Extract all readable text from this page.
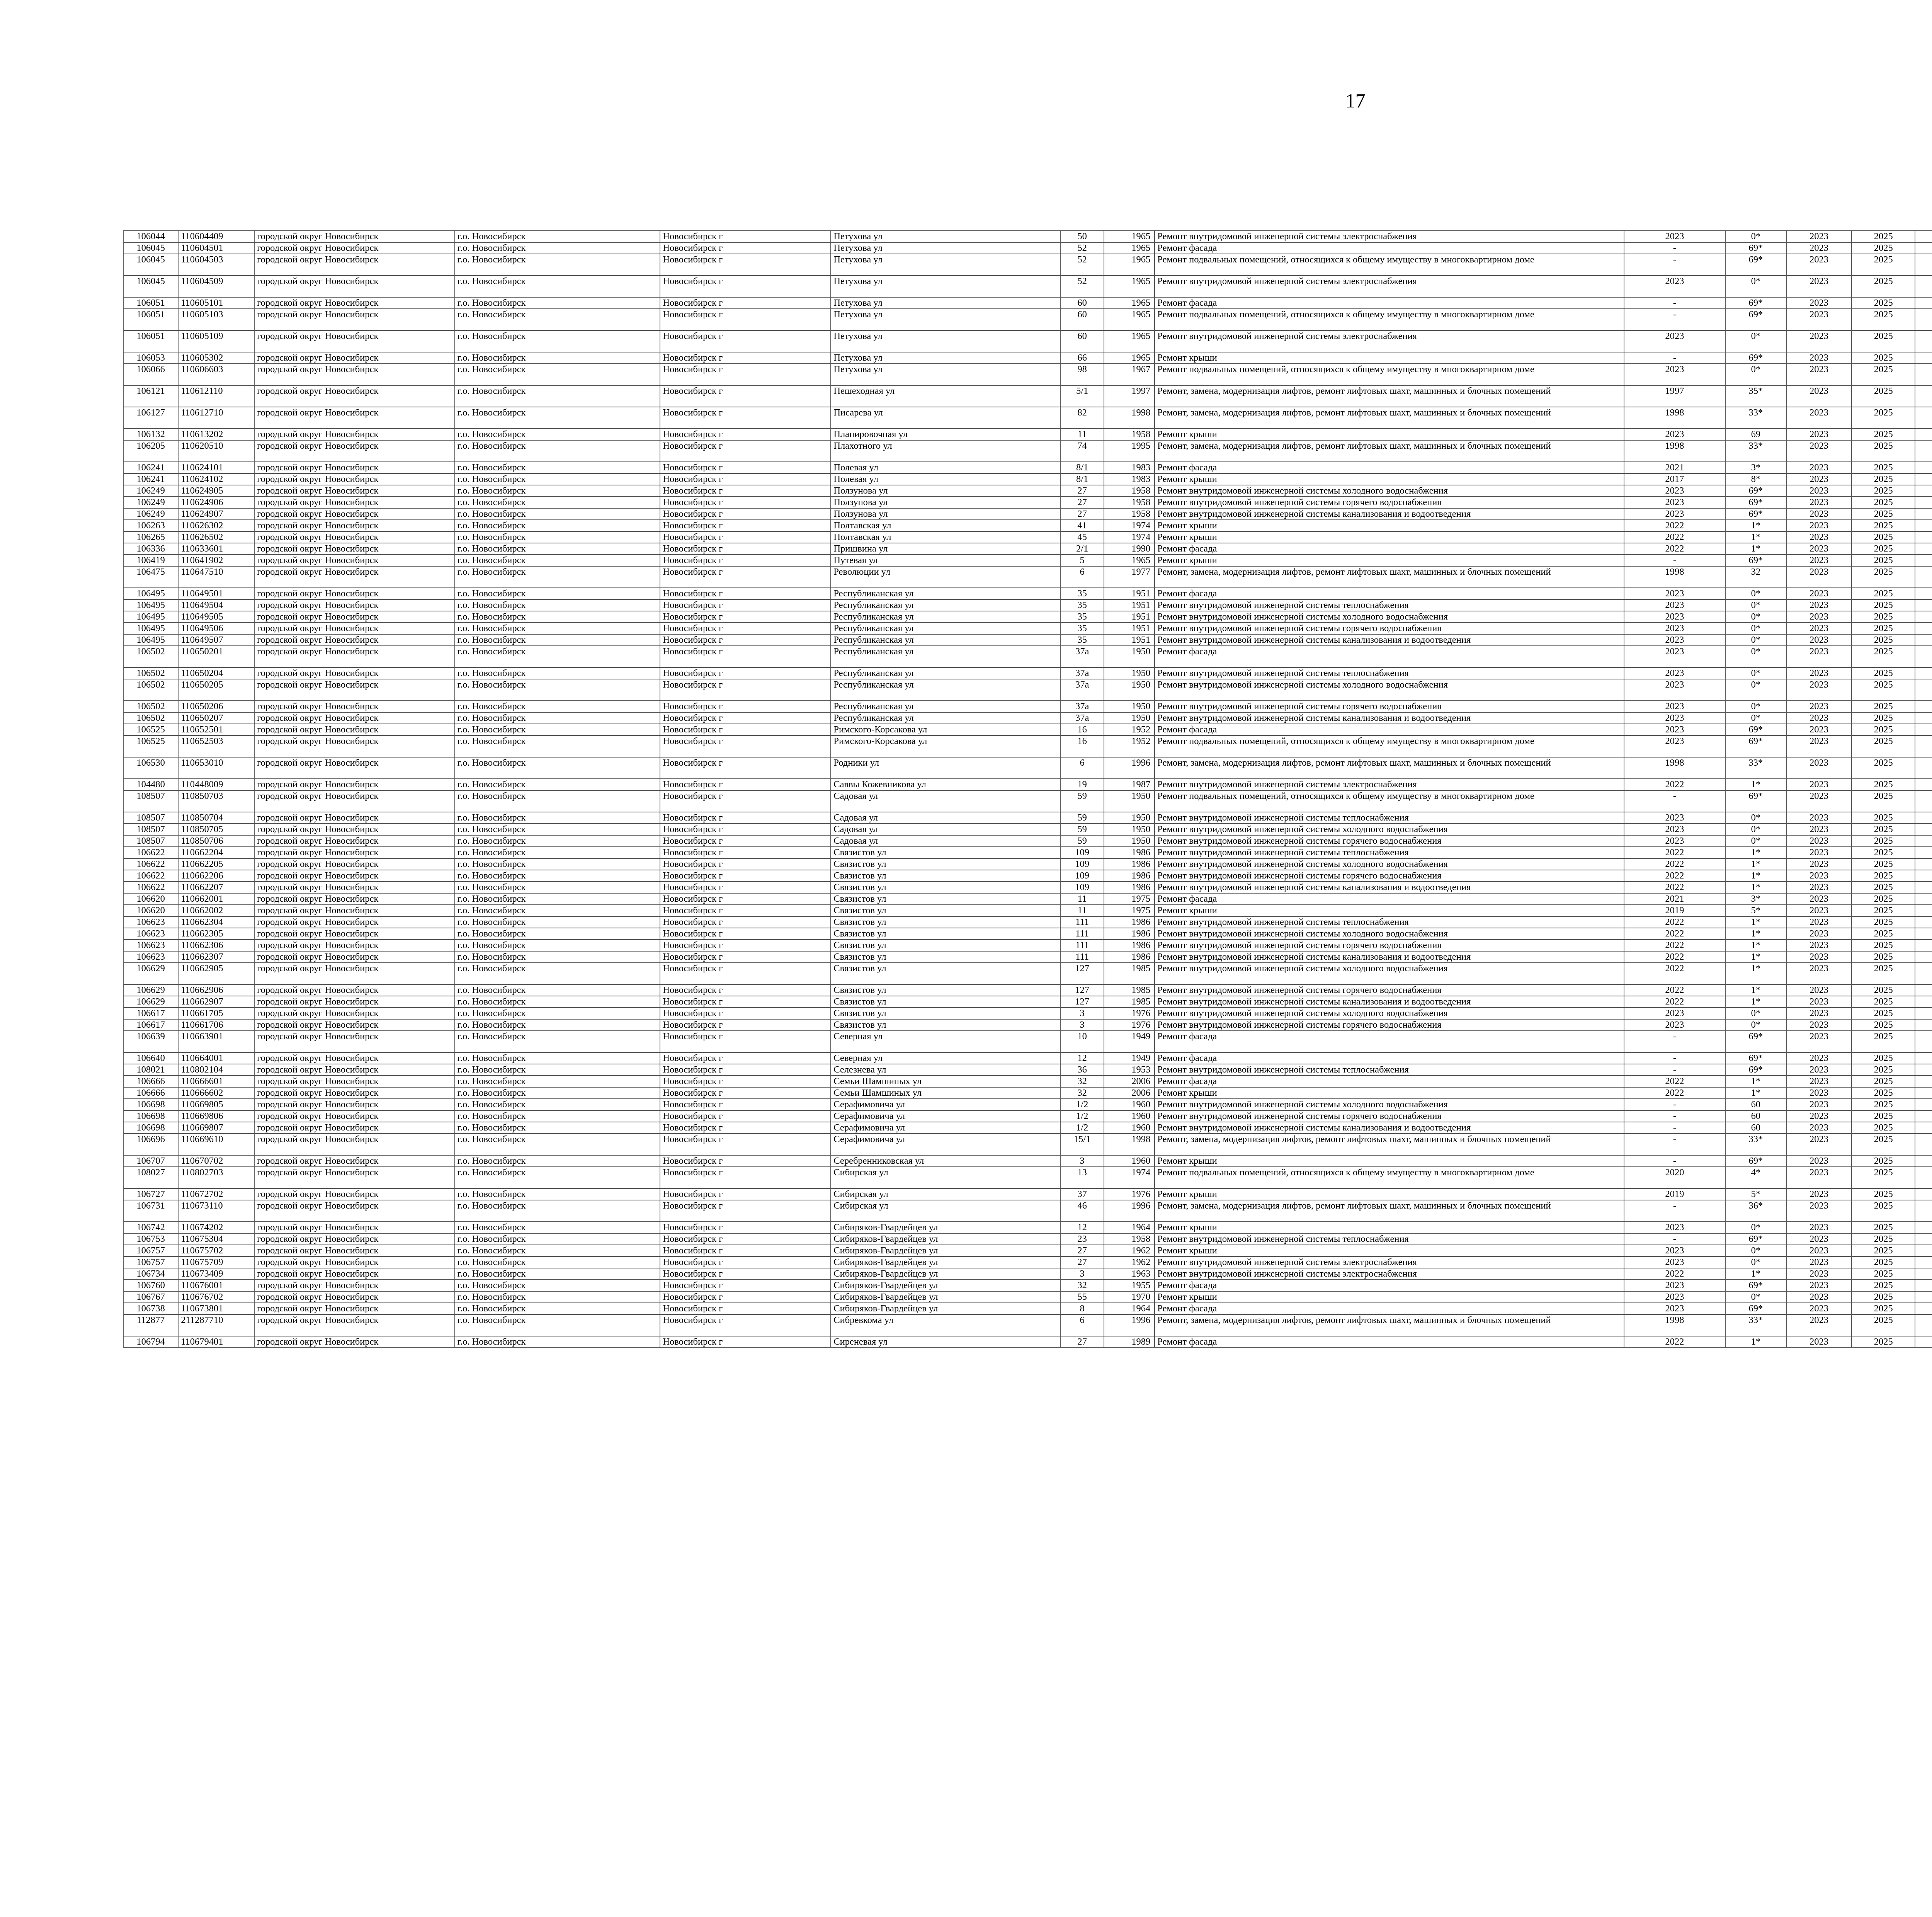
17
106044	110604409	городской округ Новосибирск	г.о. Новосибирск	Новосибирск г	Петухова ул	50	1965	Ремонт внутридомовой инженерной системы электроснабжения	2023	0*	2023	2025							
106045	110604501	городской округ Новосибирск	г.о. Новосибирск	Новосибирск г	Петухова ул	52	1965	Ремонт фасада	-	69*	2023	2025							
106045	110604503	городской округ Новосибирск	г.о. Новосибирск	Новосибирск г	Петухова ул	52	1965	Ремонт подвальных помещений, относящихся к общему имуществу в многоквартирном доме	-	69*	2023	2025							
106045	110604509	городской округ Новосибирск	г.о. Новосибирск	Новосибирск г	Петухова ул	52	1965	Ремонт внутридомовой инженерной системы электроснабжения	2023	0*	2023	2025							
106051	110605101	городской округ Новосибирск	г.о. Новосибирск	Новосибирск г	Петухова ул	60	1965	Ремонт фасада	-	69*	2023	2025							
106051	110605103	городской округ Новосибирск	г.о. Новосибирск	Новосибирск г	Петухова ул	60	1965	Ремонт подвальных помещений, относящихся к общему имуществу в многоквартирном доме	-	69*	2023	2025							
106051	110605109	городской округ Новосибирск	г.о. Новосибирск	Новосибирск г	Петухова ул	60	1965	Ремонт внутридомовой инженерной системы электроснабжения	2023	0*	2023	2025							
106053	110605302	городской округ Новосибирск	г.о. Новосибирск	Новосибирск г	Петухова ул	66	1965	Ремонт крыши	-	69*	2023	2025							
106066	110606603	городской округ Новосибирск	г.о. Новосибирск	Новосибирск г	Петухова ул	98	1967	Ремонт подвальных помещений, относящихся к общему имуществу в многоквартирном доме	2023	0*	2023	2025							
106121	110612110	городской округ Новосибирск	г.о. Новосибирск	Новосибирск г	Пешеходная ул	5/1	1997	Ремонт, замена, модернизация лифтов, ремонт лифтовых шахт, машинных и блочных помещений	1997	35*	2023	2025							
106127	110612710	городской округ Новосибирск	г.о. Новосибирск	Новосибирск г	Писарева ул	82	1998	Ремонт, замена, модернизация лифтов, ремонт лифтовых шахт, машинных и блочных помещений	1998	33*	2023	2025							
106132	110613202	городской округ Новосибирск	г.о. Новосибирск	Новосибирск г	Планировочная ул	11	1958	Ремонт крыши	2023	69	2023	2025							
106205	110620510	городской округ Новосибирск	г.о. Новосибирск	Новосибирск г	Плахотного ул	74	1995	Ремонт, замена, модернизация лифтов, ремонт лифтовых шахт, машинных и блочных помещений	1998	33*	2023	2025							
106241	110624101	городской округ Новосибирск	г.о. Новосибирск	Новосибирск г	Полевая ул	8/1	1983	Ремонт фасада	2021	3*	2023	2025							
106241	110624102	городской округ Новосибирск	г.о. Новосибирск	Новосибирск г	Полевая ул	8/1	1983	Ремонт крыши	2017	8*	2023	2025							
106249	110624905	городской округ Новосибирск	г.о. Новосибирск	Новосибирск г	Ползунова ул	27	1958	Ремонт внутридомовой инженерной системы холодного водоснабжения	2023	69*	2023	2025							
106249	110624906	городской округ Новосибирск	г.о. Новосибирск	Новосибирск г	Ползунова ул	27	1958	Ремонт внутридомовой инженерной системы горячего водоснабжения	2023	69*	2023	2025							
106249	110624907	городской округ Новосибирск	г.о. Новосибирск	Новосибирск г	Ползунова ул	27	1958	Ремонт внутридомовой инженерной системы канализования и водоотведения	2023	69*	2023	2025							
106263	110626302	городской округ Новосибирск	г.о. Новосибирск	Новосибирск г	Полтавская ул	41	1974	Ремонт крыши	2022	1*	2023	2025							
106265	110626502	городской округ Новосибирск	г.о. Новосибирск	Новосибирск г	Полтавская ул	45	1974	Ремонт крыши	2022	1*	2023	2025							
106336	110633601	городской округ Новосибирск	г.о. Новосибирск	Новосибирск г	Пришвина ул	2/1	1990	Ремонт фасада	2022	1*	2023	2025							
106419	110641902	городской округ Новосибирск	г.о. Новосибирск	Новосибирск г	Путевая ул	5	1965	Ремонт крыши	-	69*	2023	2025							
106475	110647510	городской округ Новосибирск	г.о. Новосибирск	Новосибирск г	Революции ул	6	1977	Ремонт, замена, модернизация лифтов, ремонт лифтовых шахт, машинных и блочных помещений	1998	32	2023	2025							
106495	110649501	городской округ Новосибирск	г.о. Новосибирск	Новосибирск г	Республиканская ул	35	1951	Ремонт фасада	2023	0*	2023	2025							
106495	110649504	городской округ Новосибирск	г.о. Новосибирск	Новосибирск г	Республиканская ул	35	1951	Ремонт внутридомовой инженерной системы теплоснабжения	2023	0*	2023	2025							
106495	110649505	городской округ Новосибирск	г.о. Новосибирск	Новосибирск г	Республиканская ул	35	1951	Ремонт внутридомовой инженерной системы холодного водоснабжения	2023	0*	2023	2025							
106495	110649506	городской округ Новосибирск	г.о. Новосибирск	Новосибирск г	Республиканская ул	35	1951	Ремонт внутридомовой инженерной системы горячего водоснабжения	2023	0*	2023	2025							
106495	110649507	городской округ Новосибирск	г.о. Новосибирск	Новосибирск г	Республиканская ул	35	1951	Ремонт внутридомовой инженерной системы канализования и водоотведения	2023	0*	2023	2025							
106502	110650201	городской округ Новосибирск	г.о. Новосибирск	Новосибирск г	Республиканская ул	37а	1950	Ремонт фасада	2023	0*	2023	2025							
106502	110650204	городской округ Новосибирск	г.о. Новосибирск	Новосибирск г	Республиканская ул	37а	1950	Ремонт внутридомовой инженерной системы теплоснабжения	2023	0*	2023	2025							
106502	110650205	городской округ Новосибирск	г.о. Новосибирск	Новосибирск г	Республиканская ул	37а	1950	Ремонт внутридомовой инженерной системы холодного водоснабжения	2023	0*	2023	2025							
106502	110650206	городской округ Новосибирск	г.о. Новосибирск	Новосибирск г	Республиканская ул	37а	1950	Ремонт внутридомовой инженерной системы горячего водоснабжения	2023	0*	2023	2025							
106502	110650207	городской округ Новосибирск	г.о. Новосибирск	Новосибирск г	Республиканская ул	37а	1950	Ремонт внутридомовой инженерной системы канализования и водоотведения	2023	0*	2023	2025							
106525	110652501	городской округ Новосибирск	г.о. Новосибирск	Новосибирск г	Римского-Корсакова ул	16	1952	Ремонт фасада	2023	69*	2023	2025							
106525	110652503	городской округ Новосибирск	г.о. Новосибирск	Новосибирск г	Римского-Корсакова ул	16	1952	Ремонт подвальных помещений, относящихся к общему имуществу в многоквартирном доме	2023	69*	2023	2025							
106530	110653010	городской округ Новосибирск	г.о. Новосибирск	Новосибирск г	Родники ул	6	1996	Ремонт, замена, модернизация лифтов, ремонт лифтовых шахт, машинных и блочных помещений	1998	33*	2023	2025							
104480	110448009	городской округ Новосибирск	г.о. Новосибирск	Новосибирск г	Саввы Кожевникова ул	19	1987	Ремонт внутридомовой инженерной системы электроснабжения	2022	1*	2023	2025							
108507	110850703	городской округ Новосибирск	г.о. Новосибирск	Новосибирск г	Садовая ул	59	1950	Ремонт подвальных помещений, относящихся к общему имуществу в многоквартирном доме	-	69*	2023	2025							
108507	110850704	городской округ Новосибирск	г.о. Новосибирск	Новосибирск г	Садовая ул	59	1950	Ремонт внутридомовой инженерной системы теплоснабжения	2023	0*	2023	2025							
108507	110850705	городской округ Новосибирск	г.о. Новосибирск	Новосибирск г	Садовая ул	59	1950	Ремонт внутридомовой инженерной системы холодного водоснабжения	2023	0*	2023	2025							
108507	110850706	городской округ Новосибирск	г.о. Новосибирск	Новосибирск г	Садовая ул	59	1950	Ремонт внутридомовой инженерной системы горячего водоснабжения	2023	0*	2023	2025							
106622	110662204	городской округ Новосибирск	г.о. Новосибирск	Новосибирск г	Связистов ул	109	1986	Ремонт внутридомовой инженерной системы теплоснабжения	2022	1*	2023	2025							
106622	110662205	городской округ Новосибирск	г.о. Новосибирск	Новосибирск г	Связистов ул	109	1986	Ремонт внутридомовой инженерной системы холодного водоснабжения	2022	1*	2023	2025							
106622	110662206	городской округ Новосибирск	г.о. Новосибирск	Новосибирск г	Связистов ул	109	1986	Ремонт внутридомовой инженерной системы горячего водоснабжения	2022	1*	2023	2025							
106622	110662207	городской округ Новосибирск	г.о. Новосибирск	Новосибирск г	Связистов ул	109	1986	Ремонт внутридомовой инженерной системы канализования и водоотведения	2022	1*	2023	2025							
106620	110662001	городской округ Новосибирск	г.о. Новосибирск	Новосибирск г	Связистов ул	11	1975	Ремонт фасада	2021	3*	2023	2025							
106620	110662002	городской округ Новосибирск	г.о. Новосибирск	Новосибирск г	Связистов ул	11	1975	Ремонт крыши	2019	5*	2023	2025							
106623	110662304	городской округ Новосибирск	г.о. Новосибирск	Новосибирск г	Связистов ул	111	1986	Ремонт внутридомовой инженерной системы теплоснабжения	2022	1*	2023	2025							
106623	110662305	городской округ Новосибирск	г.о. Новосибирск	Новосибирск г	Связистов ул	111	1986	Ремонт внутридомовой инженерной системы холодного водоснабжения	2022	1*	2023	2025							
106623	110662306	городской округ Новосибирск	г.о. Новосибирск	Новосибирск г	Связистов ул	111	1986	Ремонт внутридомовой инженерной системы горячего водоснабжения	2022	1*	2023	2025							
106623	110662307	городской округ Новосибирск	г.о. Новосибирск	Новосибирск г	Связистов ул	111	1986	Ремонт внутридомовой инженерной системы канализования и водоотведения	2022	1*	2023	2025							
106629	110662905	городской округ Новосибирск	г.о. Новосибирск	Новосибирск г	Связистов ул	127	1985	Ремонт внутридомовой инженерной системы холодного водоснабжения	2022	1*	2023	2025							
106629	110662906	городской округ Новосибирск	г.о. Новосибирск	Новосибирск г	Связистов ул	127	1985	Ремонт внутридомовой инженерной системы горячего водоснабжения	2022	1*	2023	2025							
106629	110662907	городской округ Новосибирск	г.о. Новосибирск	Новосибирск г	Связистов ул	127	1985	Ремонт внутридомовой инженерной системы канализования и водоотведения	2022	1*	2023	2025							
106617	110661705	городской округ Новосибирск	г.о. Новосибирск	Новосибирск г	Связистов ул	3	1976	Ремонт внутридомовой инженерной системы холодного водоснабжения	2023	0*	2023	2025							
106617	110661706	городской округ Новосибирск	г.о. Новосибирск	Новосибирск г	Связистов ул	3	1976	Ремонт внутридомовой инженерной системы горячего водоснабжения	2023	0*	2023	2025							
106639	110663901	городской округ Новосибирск	г.о. Новосибирск	Новосибирск г	Северная ул	10	1949	Ремонт фасада	-	69*	2023	2025							
106640	110664001	городской округ Новосибирск	г.о. Новосибирск	Новосибирск г	Северная ул	12	1949	Ремонт фасада	-	69*	2023	2025							
108021	110802104	городской округ Новосибирск	г.о. Новосибирск	Новосибирск г	Селезнева ул	36	1953	Ремонт внутридомовой инженерной системы теплоснабжения	-	69*	2023	2025							
106666	110666601	городской округ Новосибирск	г.о. Новосибирск	Новосибирск г	Семьи Шамшиных ул	32	2006	Ремонт фасада	2022	1*	2023	2025							
106666	110666602	городской округ Новосибирск	г.о. Новосибирск	Новосибирск г	Семьи Шамшиных ул	32	2006	Ремонт крыши	2022	1*	2023	2025							
106698	110669805	городской округ Новосибирск	г.о. Новосибирск	Новосибирск г	Серафимовича ул	1/2	1960	Ремонт внутридомовой инженерной системы холодного водоснабжения	-	60	2023	2025							
106698	110669806	городской округ Новосибирск	г.о. Новосибирск	Новосибирск г	Серафимовича ул	1/2	1960	Ремонт внутридомовой инженерной системы горячего водоснабжения	-	60	2023	2025							
106698	110669807	городской округ Новосибирск	г.о. Новосибирск	Новосибирск г	Серафимовича ул	1/2	1960	Ремонт внутридомовой инженерной системы канализования и водоотведения	-	60	2023	2025							
106696	110669610	городской округ Новосибирск	г.о. Новосибирск	Новосибирск г	Серафимовича ул	15/1	1998	Ремонт, замена, модернизация лифтов, ремонт лифтовых шахт, машинных и блочных помещений	-	33*	2023	2025							
106707	110670702	городской округ Новосибирск	г.о. Новосибирск	Новосибирск г	Серебренниковская ул	3	1960	Ремонт крыши	-	69*	2023	2025							
108027	110802703	городской округ Новосибирск	г.о. Новосибирск	Новосибирск г	Сибирская ул	13	1974	Ремонт подвальных помещений, относящихся к общему имуществу в многоквартирном доме	2020	4*	2023	2025							
106727	110672702	городской округ Новосибирск	г.о. Новосибирск	Новосибирск г	Сибирская ул	37	1976	Ремонт крыши	2019	5*	2023	2025							
106731	110673110	городской округ Новосибирск	г.о. Новосибирск	Новосибирск г	Сибирская ул	46	1996	Ремонт, замена, модернизация лифтов, ремонт лифтовых шахт, машинных и блочных помещений	-	36*	2023	2025							
106742	110674202	городской округ Новосибирск	г.о. Новосибирск	Новосибирск г	Сибиряков-Гвардейцев ул	12	1964	Ремонт крыши	2023	0*	2023	2025							
106753	110675304	городской округ Новосибирск	г.о. Новосибирск	Новосибирск г	Сибиряков-Гвардейцев ул	23	1958	Ремонт внутридомовой инженерной системы теплоснабжения	-	69*	2023	2025							
106757	110675702	городской округ Новосибирск	г.о. Новосибирск	Новосибирск г	Сибиряков-Гвардейцев ул	27	1962	Ремонт крыши	2023	0*	2023	2025							
106757	110675709	городской округ Новосибирск	г.о. Новосибирск	Новосибирск г	Сибиряков-Гвардейцев ул	27	1962	Ремонт внутридомовой инженерной системы электроснабжения	2023	0*	2023	2025							
106734	110673409	городской округ Новосибирск	г.о. Новосибирск	Новосибирск г	Сибиряков-Гвардейцев ул	3	1963	Ремонт внутридомовой инженерной системы электроснабжения	2022	1*	2023	2025							
106760	110676001	городской округ Новосибирск	г.о. Новосибирск	Новосибирск г	Сибиряков-Гвардейцев ул	32	1955	Ремонт фасада	2023	69*	2023	2025							
106767	110676702	городской округ Новосибирск	г.о. Новосибирск	Новосибирск г	Сибиряков-Гвардейцев ул	55	1970	Ремонт крыши	2023	0*	2023	2025							
106738	110673801	городской округ Новосибирск	г.о. Новосибирск	Новосибирск г	Сибиряков-Гвардейцев ул	8	1964	Ремонт фасада	2023	69*	2023	2025							
112877	211287710	городской округ Новосибирск	г.о. Новосибирск	Новосибирск г	Сибревкома ул	6	1996	Ремонт, замена, модернизация лифтов, ремонт лифтовых шахт, машинных и блочных помещений	1998	33*	2023	2025							
106794	110679401	городской округ Новосибирск	г.о. Новосибирск	Новосибирск г	Сиреневая ул	27	1989	Ремонт фасада	2022	1*	2023	2025							
